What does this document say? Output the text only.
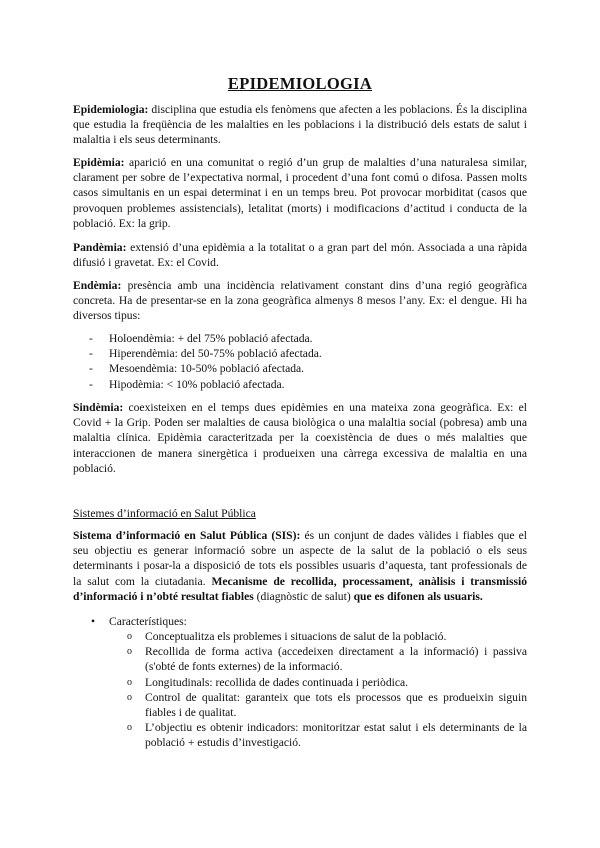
EPIDEMIOLOGIA

Epidemiologia: disciplina que estudia els fenòmens que afecten a les poblacions. És la disciplina que estudia la freqüència de les malalties en les poblacions i la distribució dels estats de salut i malaltia i els seus determinants.

Epidèmia: aparició en una comunitat o regió d’un grup de malalties d’una naturalesa similar, clarament per sobre de l’expectativa normal, i procedent d’una font comú o difosa. Passen molts casos simultanis en un espai determinat i en un temps breu. Pot provocar morbiditat (casos que provoquen problemes assistencials), letalitat (morts) i modificacions d’actitud i conducta de la població. Ex: la grip.

Pandèmia: extensió d’una epidèmia a la totalitat o a gran part del món. Associada a una ràpida difusió i gravetat. Ex: el Covid.

Endèmia: presència amb una incidència relativament constant dins d’una regió geogràfica concreta. Ha de presentar-se en la zona geogràfica almenys 8 mesos l’any. Ex: el dengue. Hi ha diversos tipus:

- Holoendèmia: + del 75% població afectada.
- Hiperendèmia: del 50-75% població afectada.
- Mesoendèmia: 10-50% població afectada.
- Hipodèmia: < 10% població afectada.

Sindèmia: coexisteixen en el temps dues epidèmies en una mateixa zona geogràfica. Ex: el Covid + la Grip. Poden ser malalties de causa biològica o una malaltia social (pobresa) amb una malaltia clínica. Epidèmia caracteritzada per la coexistència de dues o més malalties que interaccionen de manera sinergètica i produeixen una càrrega excessiva de malaltia en una població.

Sistemes d’informació en Salut Pública

Sistema d’informació en Salut Pública (SIS): és un conjunt de dades vàlides i fiables que el seu objectiu es generar informació sobre un aspecte de la salut de la població o els seus determinants i posar-la a disposició de tots els possibles usuaris d’aquesta, tant professionals de la salut com la ciutadania. Mecanisme de recollida, processament, anàlisis i transmissió d’informació i n’obté resultat fiables (diagnòstic de salut) que es difonen als usuaris.

• Característiques:
o Conceptualitza els problemes i situacions de salut de la població.
o Recollida de forma activa (accedeixen directament a la informació) i passiva (s'obté de fonts externes) de la informació.
o Longitudinals: recollida de dades continuada i periòdica.
o Control de qualitat: garanteix que tots els processos que es produeixin siguin fiables i de qualitat.
o L’objectiu es obtenir indicadors: monitoritzar estat salut i els determinants de la població + estudis d’investigació.
